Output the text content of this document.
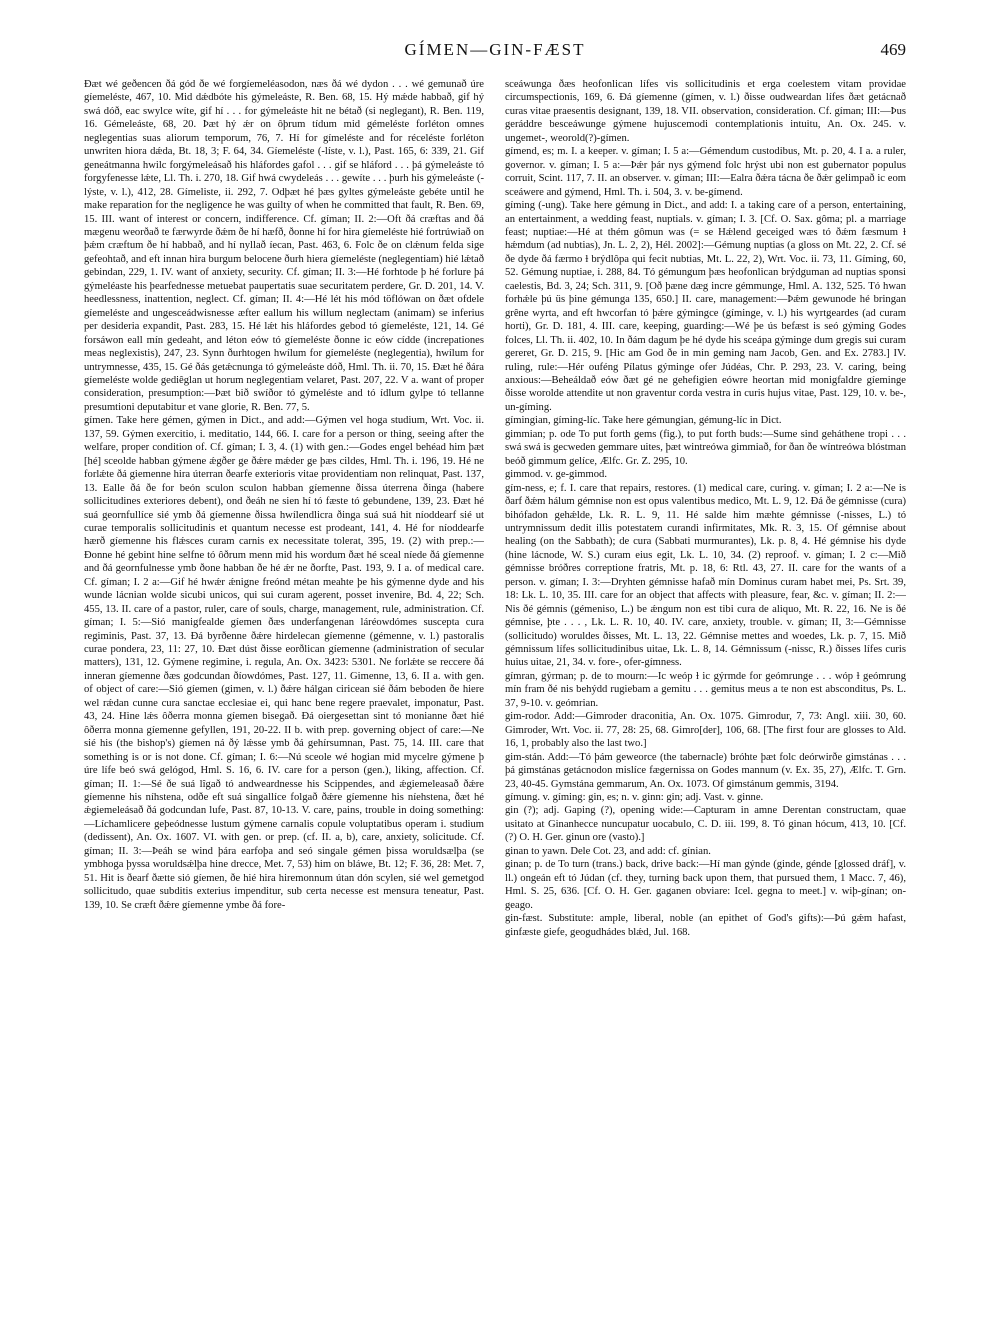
GÍMEN—GIN-FÆST	469

Ðæt wé geðencen ðá gód ðe wé forgíemeléasodon, næs ðá wé dydon . . . wé gemunað úre gíemeléste, 467, 10. Mid dǽdbóte his gýmeleáste, R. Ben. 68, 15. Hý mǽde habbað, gif hý swá dóð, eac swylce wíte, gif hí . . . for gýmeleáste hit ne bétað (si neglegant), R. Ben. 119, 16. Gémeleáste, 68, 20. Þæt hý ǽr on ôþrum tídum mid gémeléste forléton omnes neglegentias suas aliorum temporum, 76, 7. Hí for gímeléste and for réceléste forléton unwriten hiora dǽda, Bt. 18, 3; F. 64, 34. Gíemeléste (-líste, v. l.), Past. 165, 6: 339, 21. Gif geneátmanna hwilc forgýmeleásað his hláfordes gafol . . . gif se hláford . . . þá gýmeleáste tó forgyfenesse lǽte, Ll. Th. i. 270, 18. Gif hwá cwydeleás . . . gewíte . . . þurh his gýmeleáste (-lýste, v. l.), 412, 28. Gímeliste, ii. 292, 7. Odþæt hé þæs gyltes gýmeleáste gebéte until he make reparation for the negligence he was guilty of when he committed that fault, R. Ben. 69, 15. III. want of interest or concern, indifference. Cf. gíman; II. 2:—Oft ðá cræftas and ðá mægenu weorðað te færwyrde ðǽm ðe hí hæfð, ðonne hí for hira gíemeléste hié fortrúwiað on þǽm cræftum ðe hí habbað, and hí nyllað íecan, Past. 463, 6. Folc ðe on clǽnum felda sige gefeohtað, and eft innan hira burgum belocene ðurh hiera gíemeléste (neglegentiam) hié lǽtað gebindan, 229, 1. IV. want of anxiety, security. Cf. gíman; II. 3:—Hé forhtode þ hé forlure þá gýmeléaste his þearfednesse metuebat paupertatis suae securitatem perdere, Gr. D. 201, 14. V. heedlessness, inattention, neglect. Cf. gíman; II. 4:—Hé lét his mód töflówan on ðæt ofdele gíemeléste and ungesceádwisnesse æfter eallum his willum neglectam (animam) se inferius per desideria expandit, Past. 283, 15. Hé lǽt his hláfordes gebod tó gíemeléste, 121, 14. Gé forsáwon eall mín gedeaht, and léton eów tó gíemeléste ðonne ic eów cídde (increpationes meas neglexistis), 247, 23. Synn ðurhtogen hwílum for gíemeléste (neglegentia), hwílum for untrymnesse, 435, 15. Gé ðás getǽcnunga tó gýmeleáste dóð, Hml. Th. ii. 70, 15. Ðæt hé ðára gíemeléste wolde gediêglan ut horum neglegentiam velaret, Past. 207, 22. V a. want of proper consideration, presumption:—Þæt bið swíðor tó gýmeléste and tó ídlum gylpe tó tellanne presumtioni deputabitur et vane glorie, R. Ben. 77, 5.

gímen. Take here gémen, gýmen in Dict., and add:—Gýmen vel hoga studium, Wrt. Voc. ii. 137, 59. Gýmen exercitio, i. meditatio, 144, 66. I. care for a person or thing, seeing after the welfare, proper condition of. Cf. gíman; I. 3, 4. (1) with gen.:—Godes engel behéad him þæt [hé] sceolde habban gýmene ǽgðer ge ðǽre mǽder ge þæs cildes, Hml. Th. i. 196, 19. Hé ne forlǽte ðá giemenne hira úterran ðearfe exterioris vitae providentiam non relinquat, Past. 137, 13. Ealle ðá ðe for beón sculon sculon habban gíemenne ðissa úterrena ðinga (habere sollicitudines exteriores debent), ond ðeáh ne sien hí tó fæste tó gebundene, 139, 23. Ðæt hé suá geornfullíce sié ymb ðá gíemenne ðissa hwílendlicra ðinga suá suá hit níoddearf sié ut curae temporalis sollicitudinis et quantum necesse est prodeant, 141, 4. Hé for níoddearfe hærð gíemenne his flǽsces curam carnis ex necessitate tolerat, 395, 19. (2) with prep.:—Ðonne hé gebint hine selfne tó ôðrum menn mid his wordum ðæt hé sceal níede ðá gíemenne and ðá geornfulnesse ymb ðone habban ðe hé ǽr ne ðorfte, Past. 193, 9. I a. of medical care. Cf. gíman; I. 2 a:—Gif hé hwǽr ǽnigne freónd métan meahte þe his gýmenne dyde and his wunde lácnian wolde sicubi unicos, qui sui curam agerent, posset invenire, Bd. 4, 22; Sch. 455, 13. II. care of a pastor, ruler, care of souls, charge, management, rule, administration. Cf. gíman; I. 5:—Sió manigfealde gíemen ðæs underfangenan láréowdómes suscepta cura regiminis, Past. 37, 13. Ðá byrðenne ðǽre hirdelecan gíemenne (gémenne, v. l.) pastoralis curae pondera, 23, 11: 27, 10. Ðæt dúst ðisse eorðlican gíemenne (administration of secular matters), 131, 12. Gýmene regimine, i. regula, An. Ox. 3423: 5301. Ne forlǽte se reccere ðá inneran gíemenne ðæs godcundan ðíowdómes, Past. 127, 11. Gimenne, 13, 6. II a. with gen. of object of care:—Sió gíemen (gimen, v. l.) ðǽre hálgan ciricean sié ðám beboden ðe hiere wel rǽdan cunne cura sanctae ecclesiae ei, qui hanc bene regere praevalet, imponatur, Past. 43, 24. Hine lǽs ôðerra monna gíemen bisegað. Ðá oiergesettan sint tó monianne ðæt hié ôðerra monna gíemenne gefyllen, 191, 20-22. II b. with prep. governing object of care:—Ne sié his (the bishop's) gíemen ná ðý lǽsse ymb ðá gehírsumnan, Past. 75, 14. III. care that something is or is not done. Cf. gíman; I. 6:—Nú sceole wé hogian mid mycelre gýmene þ úre lífe beó swá gelógod, Hml. S. 16, 6. IV. care for a person (gen.), liking, affection. Cf. gíman; II. 1:—Sé ðe suá lîgað tó andweardnesse his Scippendes, and ǽgiemeleasað ðǽre gíemenne his níhstena, odðe eft suá singallíce folgað ðǽre gíemenne his níehstena, ðæt hé ǽgiemeleásað ðá godcundan lufe, Past. 87, 10-13. V. care, pains, trouble in doing something:—Líchamlicere geþeódnesse lustum gýmene carnalis copule voluptatibus operam i. studium (dedissent), An. Ox. 1607. VI. with gen. or prep. (cf. II. a, b), care, anxiety, solicitude. Cf. gíman; II. 3:—Þeáh se wind þára earfoþa and seó singale gémen þissa woruldsælþa (se ymbhoga þyssa woruldsǽlþa hine drecce, Met. 7, 53) him on bláwe, Bt. 12; F. 36, 28: Met. 7, 51. Hit is ðearf ðætte sió gíemen, ðe hié hira hiremonnum útan dón scylen, sié wel gemetgod sollicitudo, quae subditis exterius impenditur, sub certa necesse est mensura teneatur, Past. 139, 10. Se cræft ðǽre gíemenne ymbe ðá fore-

sceáwunga ðæs heofonlican lífes vis sollicitudinis et erga coelestem vitam providae circumspectionis, 169, 6. Ðá gíemenne (gímen, v. l.) ðisse oudweardan lífes ðæt getácnað curas vitae praesentis designant, 139, 18. VII. observation, consideration. Cf. gíman; III:—Þus geráddre besceáwunge gýmene hujuscemodi contemplationis intuitu, An. Ox. 245. v. ungemet-, weorold(?)-gímen.

gímend, es; m. I. a keeper. v. gíman; I. 5 a:—Gémendum custodibus, Mt. p. 20, 4. I a. a ruler, governor. v. gíman; I. 5 a:—Þǽr þár nys gýmend folc hrýst ubi non est gubernator populus corruit, Scint. 117, 7. II. an observer. v. gíman; III:—Ealra ðǽra tácna ðe ðǽr gelimpað ic eom sceáwere and gýmend, Hml. Th. i. 504, 3. v. be-gímend.

gíming (-ung). Take here gémung in Dict., and add: I. a taking care of a person, entertaining, an entertainment, a wedding feast, nuptials. v. gíman; I. 3. [Cf. O. Sax. gôma; pl. a marriage feast; nuptiae:—Hé at thém gômun was (= se Hǽlend geceiged wæs tó ðǽm fæsmum ɫ hǽmdum (ad nubtias), Jn. L. 2, 2), Hél. 2002]:—Gémung nuptias (a gloss on Mt. 22, 2. Cf. sé ðe dyde ðá færmo ɫ brýdlôpa qui fecit nubtias, Mt. L. 22, 2), Wrt. Voc. ii. 73, 11. Gíming, 60, 52. Gémung nuptiae, i. 288, 84. Tó gémungum þæs heofonlican brýdguman ad nuptias sponsi caelestis, Bd. 3, 24; Sch. 311, 9. [Oð þæne dæg incre gémmunge, Hml. A. 132, 525. Tó hwan forhǽle þú üs þine gémunga 135, 650.] II. care, management:—Þǽm gewunode hé bringan grêne wyrta, and eft hwcorfan tó þǽre gýmingce (gíminge, v. l.) his wyrtgeardes (ad curam horti), Gr. D. 181, 4. III. care, keeping, guarding:—Wé þe ús befæst is seó gýming Godes folces, Ll. Th. ii. 402, 10. In ðám dagum þe hé dyde his sceápa gýminge dum gregis sui curam gereret, Gr. D. 215, 9. [Hic am God ðe in min geming nam Jacob, Gen. and Ex. 2783.] IV. ruling, rule:—Hér ouféng Pílatus gýminge ofer Júdéas, Chr. P. 293, 23. V. caring, being anxious:—Beheáldað eów ðæt gé ne gehefigien eówre heortan mid monigfaldre gíeminge ðisse worolde attendite ut non graventur corda vestra in curis hujus vitae, Past. 129, 10. v. be-, un-gíming.

gímingian, gíming-líc. Take here gémungian, gémung-líc in Dict.

gimmian; p. ode To put forth gems (fig.), to put forth buds:—Sume sind geháthene tropi . . . swá swá is gecweden gemmare uites, þæt wintreówa gimmiað, for ðan ðe wíntreówa blóstman beóð gimmum gelíce, Ælfc. Gr. Z. 295, 10.

gimmod. v. ge-gimmod.

gím-ness, e; f. I. care that repairs, restores. (1) medical care, curing. v. gíman; I. 2 a:—Ne is ðarf ðǽm hálum gémnise non est opus valentibus medico, Mt. L. 9, 12. Ðá ðe gémnisse (cura) bihófadon gehǽlde, Lk. R. L. 9, 11. Hé salde him mæhte gémnisse (-nisses, L.) tó untrymnissum dedit illis potestatem curandi infirmitates, Mk. R. 3, 15. Of gémnise about healing (on the Sabbath); de cura (Sabbati murmurantes), Lk. p. 8, 4. Hé gémnise his dyde (hine lácnode, W. S.) curam eius egit, Lk. L. 10, 34. (2) reproof. v. gíman; I. 2 c:—Mið gémnisse bróðres correptione fratris, Mt. p. 18, 6: Rtl. 43, 27. II. care for the wants of a person. v. gíman; I. 3:—Dryhten gémnisse hafað mín Dominus curam habet mei, Ps. Srt. 39, 18: Lk. L. 10, 35. III. care for an object that affects with pleasure, fear, &c. v. gíman; II. 2:—Nis ðé gémnis (gémeniso, L.) be ǽngum non est tibi cura de aliquo, Mt. R. 22, 16. Ne is ðé gémnise, þte . . . , Lk. L. R. 10, 40. IV. care, anxiety, trouble. v. gíman; II, 3:—Gémnisse (sollicitudo) woruldes ðisses, Mt. L. 13, 22. Gémnise mettes and woedes, Lk. p. 7, 15. Mið gémnissum lífes sollicitudinibus uitae, Lk. L. 8, 14. Gémnissum (-nissc, R.) ðisses lífes curis huius uitae, 21, 34. v. fore-, ofer-gímness.

gímran, gýrman; p. de to mourn:—Ic weóp ɫ ic gýrmde for geómrunge . . . wóp ɫ geómrung mín fram ðé nis behýdd rugiebam a gemitu . . . gemitus meus a te non est absconditus, Ps. L. 37, 9-10. v. geómrian.

gim-rodor. Add:—Gimroder draconitia, An. Ox. 1075. Gimrodur, 7, 73: Angl. xiii. 30, 60. Gimroder, Wrt. Voc. ii. 77, 28: 25, 68. Gimro[der], 106, 68. [The first four are glosses to Ald. 16, 1, probably also the last two.]

gim-stán. Add:—Tó þám geweorce (the tabernacle) bróhte þæt folc deórwirðe gimstánas . . . þá gimstánas getácnodon mislíce fægernissa on Godes mannum (v. Ex. 35, 27), Ælfc. T. Grn. 23, 40-45. Gymstána gemmarum, An. Ox. 1073. Of gimstánum gemmis, 3194.

gímung. v. gíming: gin, es; n. v. ginn: gin; adj. Vast. v. ginne.

gin (?); adj. Gaping (?), opening wide:—Capturam in amne Derentan constructam, quae usitato at Ginanhecce nuncupatur uocabulo, C. D. iii. 199, 8. Tó ginan hócum, 413, 10. [Cf. (?) O. H. Ger. ginun ore (vasto).]

ginan to yawn. Dele Cot. 23, and add: cf. gínian.

ginan; p. de To turn (trans.) back, drive back:—Hí man gýnde (ginde, génde [glossed dráf], v. ll.) ongeán eft tó Júdan (cf. they, turning back upon them, that pursued them, 1 Macc. 7, 46), Hml. S. 25, 636. [Cf. O. H. Ger. gaganen obviare: Icel. gegna to meet.] v. wiþ-gínan; on-geago.

gin-fæst. Substitute: ample, liberal, noble (an epithet of God's gifts):—Þú gǽm hafast, ginfæste giefe, geogudhádes blǽd, Jul. 168.
